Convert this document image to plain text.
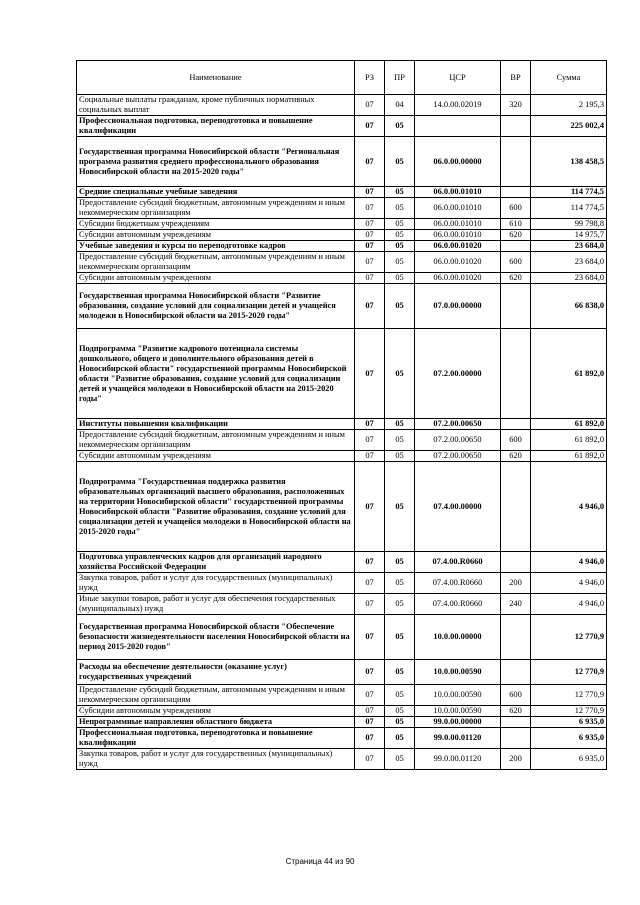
Наименование	РЗ	ПР	ЦСР	ВР	Сумма
Социальные выплаты гражданам, кроме публичных нормативных социальных выплат	07	04	14.0.00.02019	320	2 195,3
Профессиональная подготовка, переподготовка и повышение квалификации	07	05			225 002,4
Государственная программа Новосибирской области "Региональная программа развития среднего профессионального образования Новосибирской области на 2015-2020 годы"	07	05	06.0.00.00000		138 458,5
Средние специальные учебные заведения	07	05	06.0.00.01010		114 774,5
Предоставление субсидий бюджетным, автономным учреждениям и иным некоммерческим организациям	07	05	06.0.00.01010	600	114 774,5
Субсидии бюджетным учреждениям	07	05	06.0.00.01010	610	99 798,8
Субсидии автономным учреждениям	07	05	06.0.00.01010	620	14 975,7
Учебные заведения и курсы по переподготовке кадров	07	05	06.0.00.01020		23 684,0
Предоставление субсидий бюджетным, автономным учреждениям и иным некоммерческим организациям	07	05	06.0.00.01020	600	23 684,0
Субсидии автономным учреждениям	07	05	06.0.00.01020	620	23 684,0
Государственная программа Новосибирской области "Развитие образования, создание условий для социализации детей и учащейся молодежи в Новосибирской области на 2015-2020 годы"	07	05	07.0.00.00000		66 838,0
Подпрограмма "Развитие кадрового потенциала системы дошкольного, общего и дополнительного образования детей в Новосибирской области" государственной программы Новосибирской области "Развитие образования, создание условий для социализации детей и учащейся молодежи в Новосибирской области на 2015-2020 годы"	07	05	07.2.00.00000		61 892,0
Институты повышения квалификации	07	05	07.2.00.00650		61 892,0
Предоставление субсидий бюджетным, автономным учреждениям и иным некоммерческим организациям	07	05	07.2.00.00650	600	61 892,0
Субсидии автономным учреждениям	07	05	07.2.00.00650	620	61 892,0
Подпрограмма "Государственная поддержка развития образовательных организаций высшего образования, расположенных на территории Новосибирской области" государственной программы Новосибирской области "Развитие образования, создание условий для социализации детей и учащейся молодежи в Новосибирской области на 2015-2020 годы"	07	05	07.4.00.00000		4 946,0
Подготовка управленческих кадров для организаций народного хозяйства Российской Федерации	07	05	07.4.00.R0660		4 946,0
Закупка товаров, работ и услуг для государственных (муниципальных) нужд	07	05	07.4.00.R0660	200	4 946,0
Иные закупки товаров, работ и услуг для обеспечения государственных (муниципальных) нужд	07	05	07.4.00.R0660	240	4 946,0
Государственная программа Новосибирской области "Обеспечение безопасности жизнедеятельности населения Новосибирской области на период 2015-2020 годов"	07	05	10.0.00.00000		12 770,9
Расходы на обеспечение деятельности (оказание услуг) государственных учреждений	07	05	10.0.00.00590		12 770,9
Предоставление субсидий бюджетным, автономным учреждениям и иным некоммерческим организациям	07	05	10.0.00.00590	600	12 770,9
Субсидии автономным учреждениям	07	05	10.0.00.00590	620	12 770,9
Непрограммные направления областного бюджета	07	05	99.0.00.00000		6 935,0
Профессиональная подготовка, переподготовка и повышение квалификации	07	05	99.0.00.01120		6 935,0
Закупка товаров, работ и услуг для государственных (муниципальных) нужд	07	05	99.0.00.01120	200	6 935,0
Страница 44 из 90
